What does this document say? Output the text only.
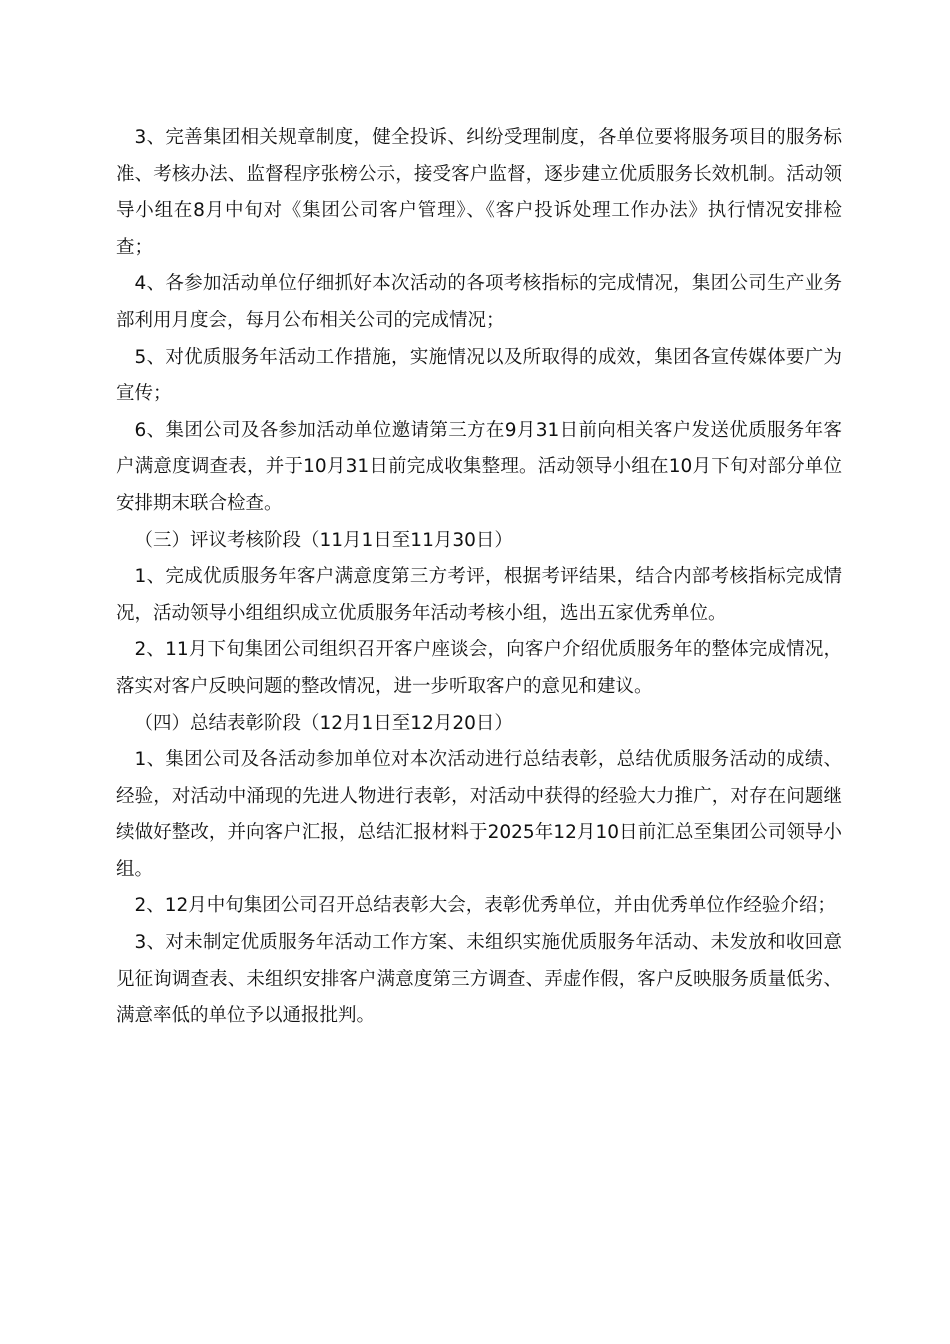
3、完善集团相关规章制度，健全投诉、纠纷受理制度，各单位要将服务项目的服务标准、考核办法、监督程序张榜公示，接受客户监督，逐步建立优质服务长效机制。活动领导小组在8月中旬对《集团公司客户管理》、《客户投诉处理工作办法》执行情况安排检查；

4、各参加活动单位仔细抓好本次活动的各项考核指标的完成情况，集团公司生产业务部利用月度会，每月公布相关公司的完成情况；

5、对优质服务年活动工作措施，实施情况以及所取得的成效，集团各宣传媒体要广为宣传；

6、集团公司及各参加活动单位邀请第三方在9月31日前向相关客户发送优质服务年客户满意度调查表，并于10月31日前完成收集整理。活动领导小组在10月下旬对部分单位安排期末联合检查。

（三）评议考核阶段（11月1日至11月30日）

1、完成优质服务年客户满意度第三方考评，根据考评结果，结合内部考核指标完成情况，活动领导小组组织成立优质服务年活动考核小组，选出五家优秀单位。

2、11月下旬集团公司组织召开客户座谈会，向客户介绍优质服务年的整体完成情况，落实对客户反映问题的整改情况，进一步听取客户的意见和建议。

（四）总结表彰阶段（12月1日至12月20日）

1、集团公司及各活动参加单位对本次活动进行总结表彰，总结优质服务活动的成绩、经验，对活动中涌现的先进人物进行表彰，对活动中获得的经验大力推广，对存在问题继续做好整改，并向客户汇报，总结汇报材料于2025年12月10日前汇总至集团公司领导小组。

2、12月中旬集团公司召开总结表彰大会，表彰优秀单位，并由优秀单位作经验介绍；

3、对未制定优质服务年活动工作方案、未组织实施优质服务年活动、未发放和收回意见征询调查表、未组织安排客户满意度第三方调查、弄虚作假，客户反映服务质量低劣、满意率低的单位予以通报批判。
